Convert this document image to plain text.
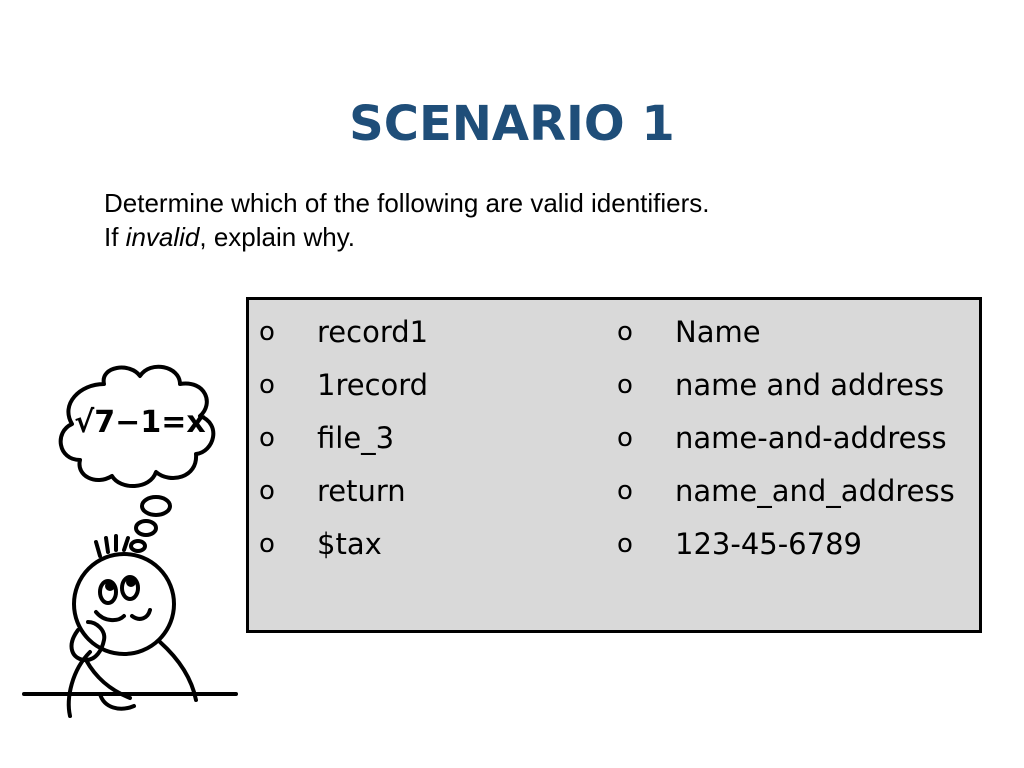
SCENARIO 1
Determine which of the following are valid identifiers.
If invalid, explain why.
o record1
o 1record
o file_3
o return
o $tax
o Name
o name and address
o name-and-address
o name_and_address
o 123-45-6789
√7−1=x
